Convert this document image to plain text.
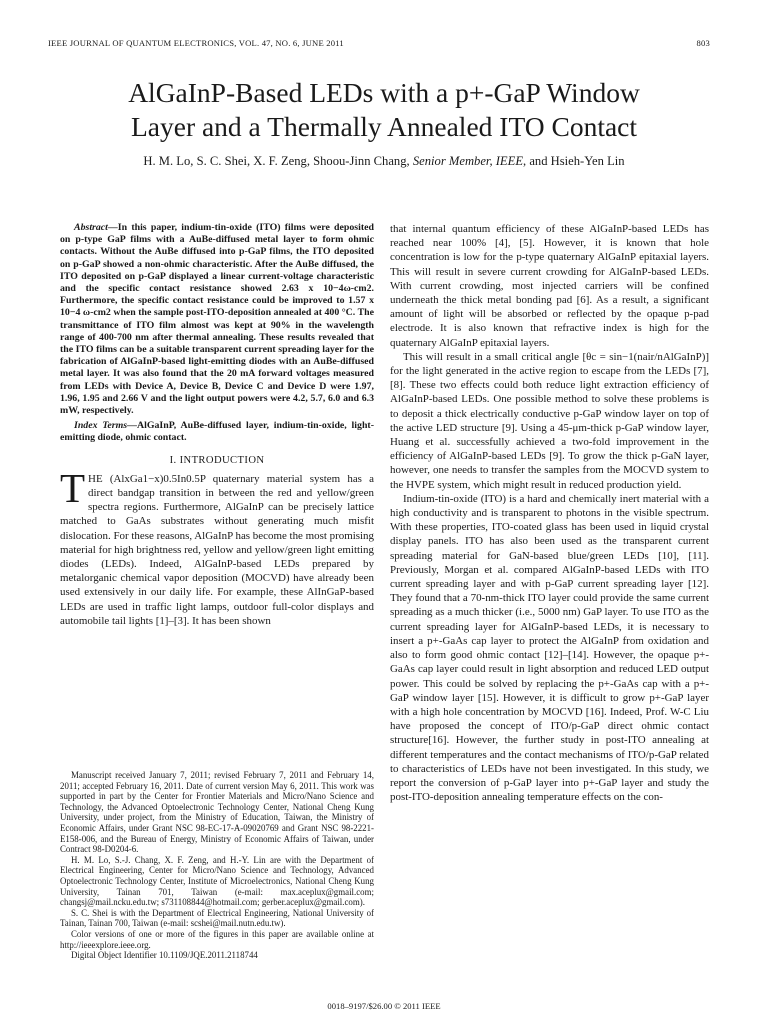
IEEE JOURNAL OF QUANTUM ELECTRONICS, VOL. 47, NO. 6, JUNE 2011	803
AlGaInP-Based LEDs with a p+-GaP Window
Layer and a Thermally Annealed ITO Contact
H. M. Lo, S. C. Shei, X. F. Zeng, Shoou-Jinn Chang, Senior Member, IEEE, and Hsieh-Yen Lin

Abstract—In this paper, indium-tin-oxide (ITO) films were deposited on p-type GaP films with a AuBe-diffused metal layer to form ohmic contacts. Without the AuBe diffused into p-GaP films, the ITO deposited on p-GaP showed a non-ohmic characteristic. After the AuBe diffused, the ITO deposited on p-GaP displayed a linear current-voltage characteristic and the specific contact resistance showed 2.63 x 10−4ω-cm2. Furthermore, the specific contact resistance could be improved to 1.57 x 10−4 ω-cm2 when the sample post-ITO-deposition annealed at 400 °C. The transmittance of ITO film almost was kept at 90% in the wavelength range of 400-700 nm after thermal annealing. These results revealed that the ITO films can be a suitable transparent current spreading layer for the fabrication of AlGaInP-based light-emitting diodes with an AuBe-diffused metal layer. It was also found that the 20 mA forward voltages measured from LEDs with Device A, Device B, Device C and Device D were 1.97, 1.96, 1.95 and 2.66 V and the light output powers were 4.2, 5.7, 6.0 and 6.3 mW, respectively.

Index Terms—AlGaInP, AuBe-diffused layer, indium-tin-oxide, light-emitting diode, ohmic contact.

I. INTRODUCTION

THE (AlxGa1−x)0.5In0.5P quaternary material system has a direct bandgap transition in between the red and yellow/green spectra regions. Furthermore, AlGaInP can be precisely lattice matched to GaAs substrates without generating much misfit dislocation. For these reasons, AlGaInP has become the most promising material for high brightness red, yellow and yellow/green light emitting diodes (LEDs). Indeed, AlGaInP-based LEDs prepared by metalorganic chemical vapor deposition (MOCVD) have already been used extensively in our daily life. For example, these AlInGaP-based LEDs are used in traffic light lamps, outdoor full-color displays and automobile tail lights [1]–[3]. It has been shown

Manuscript received January 7, 2011; revised February 7, 2011 and February 14, 2011; accepted February 16, 2011. Date of current version May 6, 2011. This work was supported in part by the Center for Frontier Materials and Micro/Nano Science and Technology, the Advanced Optoelectronic Technology Center, National Cheng Kung University, under project, from the Ministry of Education, Taiwan, the Ministry of Economic Affairs, under Grant NSC 98-EC-17-A-09020769 and Grant NSC 98-2221-E158-006, and the Bureau of Energy, Ministry of Economic Affairs of Taiwan, under Contract 98-D0204-6.

H. M. Lo, S.-J. Chang, X. F. Zeng, and H.-Y. Lin are with the Department of Electrical Engineering, Center for Micro/Nano Science and Technology, Advanced Optoelectronic Technology Center, Institute of Microelectronics, National Cheng Kung University, Tainan 701, Taiwan (e-mail: max.aceplux@gmail.com; changsj@mail.ncku.edu.tw; s731108844@hotmail.com; gerber.aceplux@gmail.com).

S. C. Shei is with the Department of Electrical Engineering, National University of Tainan, Tainan 700, Taiwan (e-mail: scshei@mail.nutn.edu.tw).

Color versions of one or more of the figures in this paper are available online at http://ieeexplore.ieee.org.

Digital Object Identifier 10.1109/JQE.2011.2118744

that internal quantum efficiency of these AlGaInP-based LEDs has reached near 100% [4], [5]. However, it is known that hole concentration is low for the p-type quaternary AlGaInP epitaxial layers. This will result in severe current crowding for AlGaInP-based LEDs. With current crowding, most injected carriers will be confined underneath the thick metal bonding pad [6]. As a result, a significant amount of light will be absorbed or reflected by the opaque p-pad electrode. It is also known that refractive index is high for the quaternary AlGaInP epitaxial layers.

This will result in a small critical angle [θc = sin−1(nair/nAlGaInP)] for the light generated in the active region to escape from the LEDs [7], [8]. These two effects could both reduce light extraction efficiency of AlGaInP-based LEDs. One possible method to solve these problems is to deposit a thick electrically conductive p-GaP window layer on top of the active LED structure [9]. Using a 45-μm-thick p-GaP window layer, Huang et al. successfully achieved a two-fold improvement in the efficiency of AlGaInP-based LEDs [9]. To grow the thick p-GaN layer, however, one needs to transfer the samples from the MOCVD system to the HVPE system, which might result in reduced production yield.

Indium-tin-oxide (ITO) is a hard and chemically inert material with a high conductivity and is transparent to photons in the visible spectrum. With these properties, ITO-coated glass has been used in liquid crystal display panels. ITO has also been used as the transparent current spreading material for GaN-based blue/green LEDs [10], [11]. Previously, Morgan et al. compared AlGaInP-based LEDs with ITO current spreading layer and with p-GaP current spreading layer [12]. They found that a 70-nm-thick ITO layer could provide the same current spreading as a much thicker (i.e., 5000 nm) GaP layer. To use ITO as the current spreading layer for AlGaInP-based LEDs, it is necessary to insert a p+-GaAs cap layer to protect the AlGaInP from oxidation and also to form good ohmic contact [12]–[14]. However, the opaque p+-GaAs cap layer could result in light absorption and reduced LED output power. This could be solved by replacing the p+-GaAs cap with a p+-GaP window layer [15]. However, it is difficult to grow p+-GaP layer with a high hole concentration by MOCVD [16]. Indeed, Prof. W-C Liu have proposed the concept of ITO/p-GaP direct ohmic contact structure[16]. However, the further study in post-ITO annealing at different temperatures and the contact mechanisms of ITO/p-GaP related to characteristics of LEDs have not been investigated. In this study, we report the conversion of p-GaP layer into p+-GaP layer and study the post-ITO-deposition annealing temperature effects on the con-

0018–9197/$26.00 © 2011 IEEE
